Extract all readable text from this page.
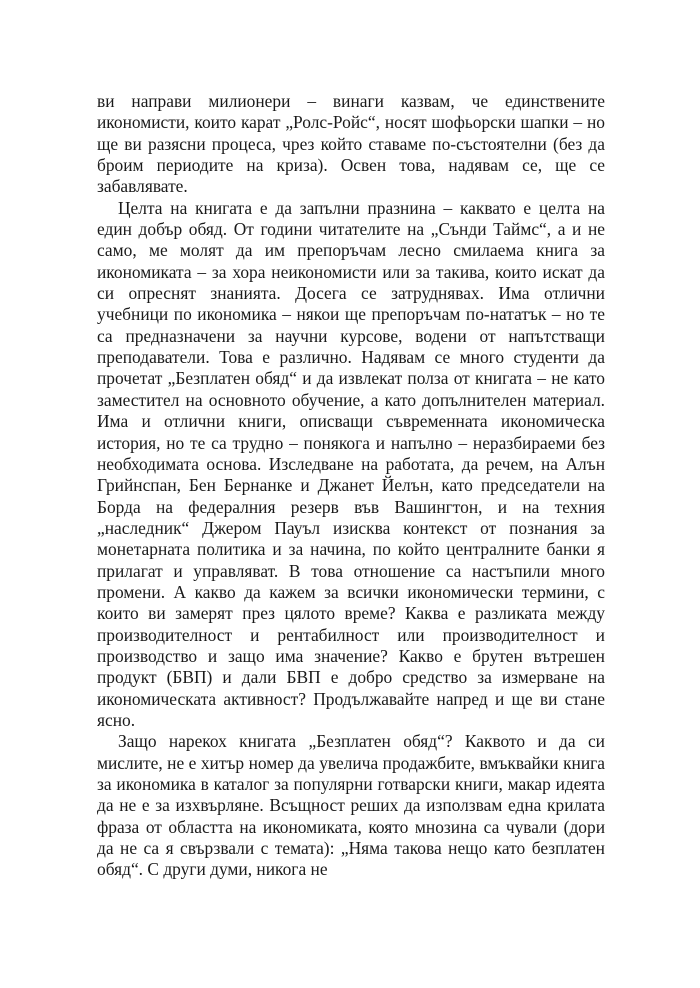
ви направи милионери – винаги казвам, че единствените икономисти, които карат „Ролс-Ройс“, носят шофьорски шапки – но ще ви разясни процеса, чрез който ставаме по-състоятелни (без да броим периодите на криза). Освен това, надявам се, ще се забавлявате.

Целта на книгата е да запълни празнина – каквато е целта на един добър обяд. От години читателите на „Сънди Таймс“, а и не само, ме молят да им препоръчам лесно смилаема книга за икономиката – за хора неикономисти или за такива, които искат да си опреснят знанията. Досега се затруднявах. Има отлични учебници по икономика – някои ще препоръчам по-нататък – но те са предназначени за научни курсове, водени от напътстващи преподаватели. Това е различно. Надявам се много студенти да прочетат „Безплатен обяд“ и да извлекат полза от книгата – не като заместител на основното обучение, а като допълнителен материал. Има и отлични книги, описващи съвременната икономическа история, но те са трудно – понякога и напълно – неразбираеми без необходимата основа. Изследване на работата, да речем, на Алън Грийнспан, Бен Бернанке и Джанет Йелън, като председатели на Борда на федералния резерв във Вашингтон, и на техния „наследник“ Джером Пауъл изисква контекст от познания за монетарната политика и за начина, по който централните банки я прилагат и управляват. В това отношение са настъпили много промени. А какво да кажем за всички икономически термини, с които ви замерят през цялото време? Каква е разликата между производителност и рентабилност или производителност и производство и защо има значение? Какво е брутен вътрешен продукт (БВП) и дали БВП е добро средство за измерване на икономическата активност? Продължавайте напред и ще ви стане ясно.

Защо нарекох книгата „Безплатен обяд“? Каквото и да си мислите, не е хитър номер да увелича продажбите, вмъквайки книга за икономика в каталог за популярни готварски книги, макар идеята да не е за изхвърляне. Всъщност реших да използвам една крилата фраза от областта на икономиката, която мнозина са чували (дори да не са я свързвали с темата): „Няма такова нещо като безплатен обяд“. С други думи, никога не
